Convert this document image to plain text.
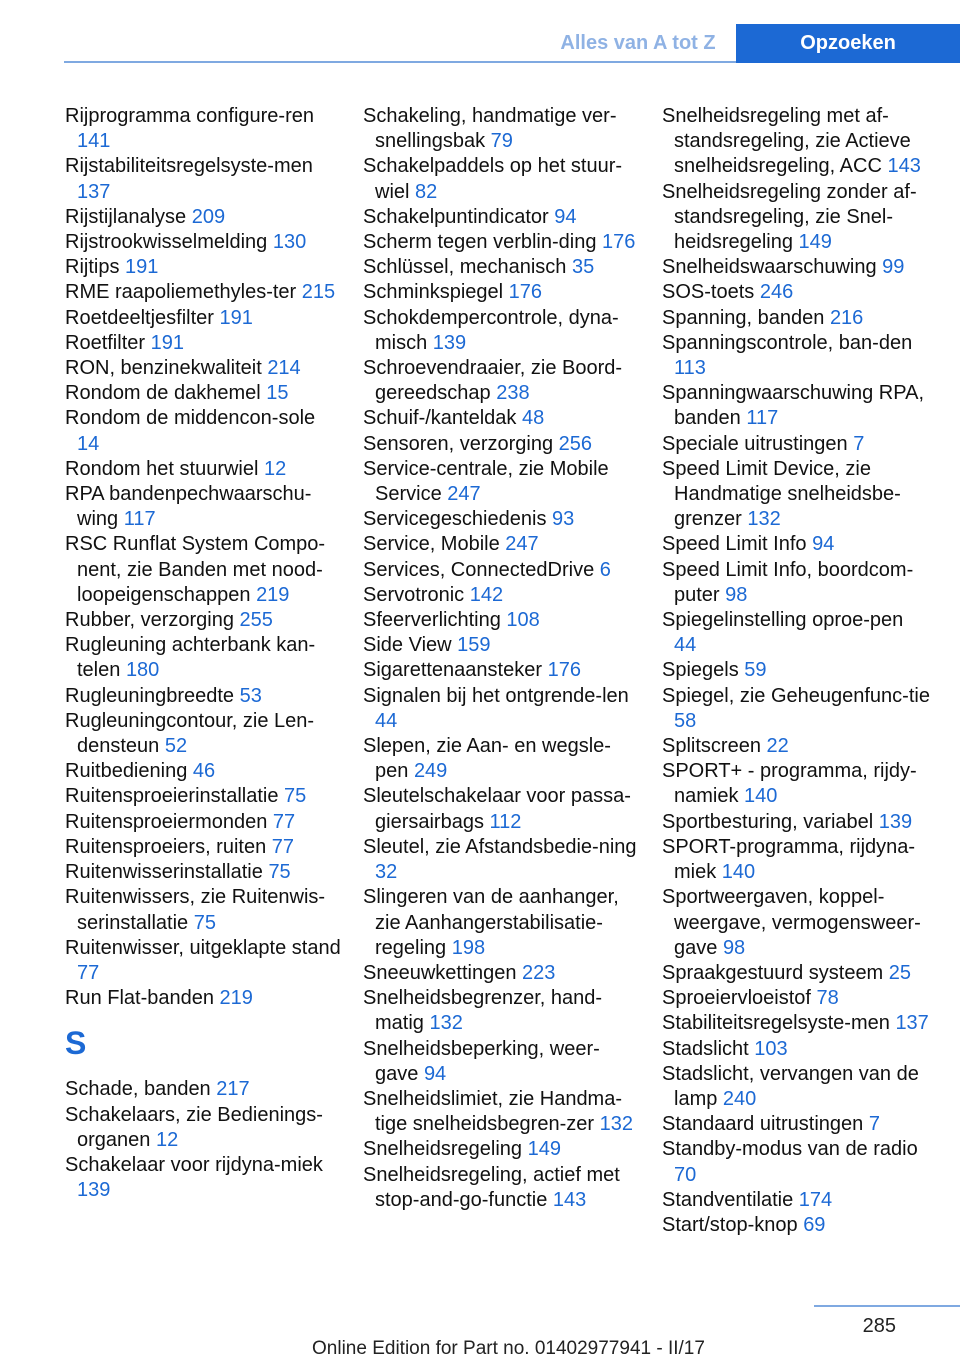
Alles van A tot Z	Opzoeken
Rijprogramma configure-ren 141
Rijstabiliteitsregelsyste-men 137
Rijstijlanalyse 209
Rijstrookwisselmelding 130
Rijtips 191
RME raapoliemethyles-ter 215
Roetdeeltjesfilter 191
Roetfilter 191
RON, benzinekwaliteit 214
Rondom de dakhemel 15
Rondom de middencon-sole 14
Rondom het stuurwiel 12
RPA bandenpechwaarschu-wing 117
RSC Runflat System Compo-nent, zie Banden met nood-loopeigenschappen 219
Rubber, verzorging 255
Rugleuning achterbank kan-telen 180
Rugleuningbreedte 53
Rugleuningcontour, zie Len-densteun 52
Ruitbediening 46
Ruitensproeierinstallatie 75
Ruitensproeiermonden 77
Ruitensproeiers, ruiten 77
Ruitenwisserinstallatie 75
Ruitenwissers, zie Ruitenwis-serinstallatie 75
Ruitenwisser, uitgeklapte stand 77
Run Flat-banden 219
S
Schade, banden 217
Schakelaars, zie Bedienings-organen 12
Schakelaar voor rijdyna-miek 139
Schakeling, handmatige ver-snellingsbak 79
Schakelpaddels op het stuur-wiel 82
Schakelpuntindicator 94
Scherm tegen verblin-ding 176
Schlüssel, mechanisch 35
Schminkspiegel 176
Schokdempercontrole, dyna-misch 139
Schroevendraaier, zie Boord-gereedschap 238
Schuif-/kanteldak 48
Sensoren, verzorging 256
Service-centrale, zie Mobile Service 247
Servicegeschiedenis 93
Service, Mobile 247
Services, ConnectedDrive 6
Servotronic 142
Sfeerverlichting 108
Side View 159
Sigarettenaansteker 176
Signalen bij het ontgrende-len 44
Slepen, zie Aan- en wegsle-pen 249
Sleutelschakelaar voor passa-giersairbags 112
Sleutel, zie Afstandsbedie-ning 32
Slingeren van de aanhanger, zie Aanhangerstabilisatie-regeling 198
Sneeuwkettingen 223
Snelheidsbegrenzer, hand-matig 132
Snelheidsbeperking, weer-gave 94
Snelheidslimiet, zie Handma-tige snelheidsbegren-zer 132
Snelheidsregeling 149
Snelheidsregeling, actief met stop-and-go-functie 143
Snelheidsregeling met af-standsregeling, zie Actieve snelheidsregeling, ACC 143
Snelheidsregeling zonder af-standsregeling, zie Snel-heidsregeling 149
Snelheidswaarschuwing 99
SOS-toets 246
Spanning, banden 216
Spanningscontrole, ban-den 113
Spanningwaarschuwing RPA, banden 117
Speciale uitrustingen 7
Speed Limit Device, zie Handmatige snelheidsbe-grenzer 132
Speed Limit Info 94
Speed Limit Info, boordcom-puter 98
Spiegelinstelling oproe-pen 44
Spiegels 59
Spiegel, zie Geheugenfunc-tie 58
Splitscreen 22
SPORT+ - programma, rijdy-namiek 140
Sportbesturing, variabel 139
SPORT-programma, rijdyna-miek 140
Sportweergaven, koppel-weergave, vermogensweer-gave 98
Spraakgestuurd systeem 25
Sproeiervloeistof 78
Stabiliteitsregelsyste-men 137
Stadslicht 103
Stadslicht, vervangen van de lamp 240
Standaard uitrustingen 7
Standby-modus van de radio 70
Standventilatie 174
Start/stop-knop 69
285
Online Edition for Part no. 01402977941 - II/17
